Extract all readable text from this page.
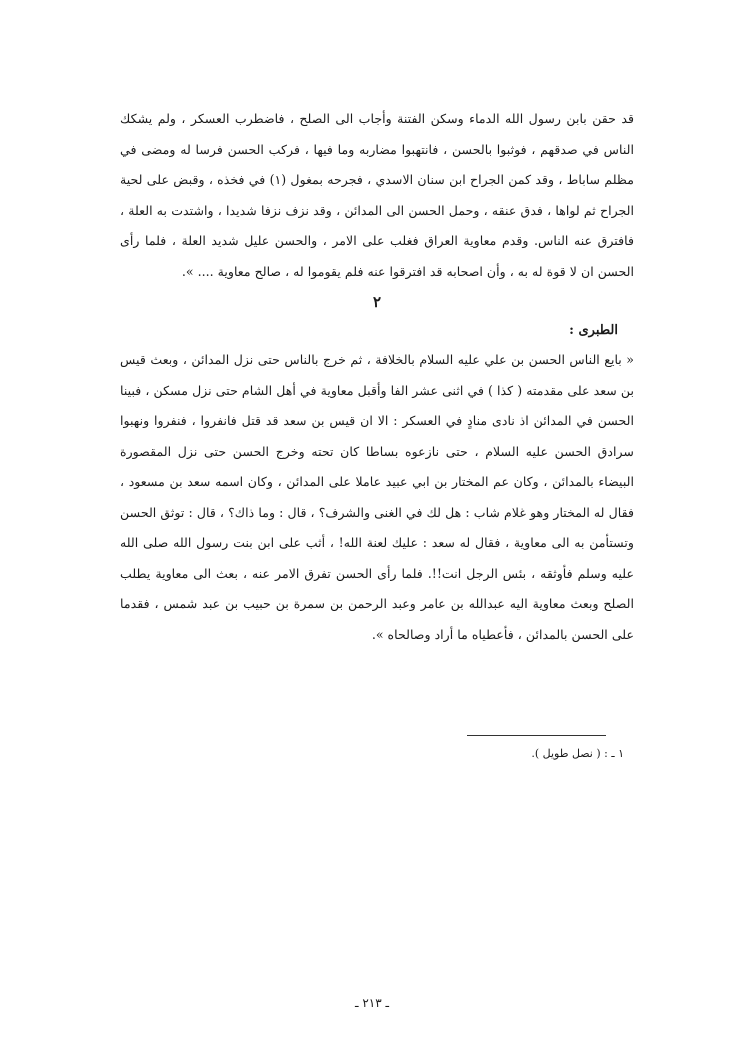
قد حقن بابن رسول الله الدماء وسكن الفتنة وأجاب الى الصلح ، فاضطرب العسكر ، ولم يشكك الناس في صدقهم ، فوثبوا بالحسن ، فانتهبوا مضاربه وما فيها ، فركب الحسن فرسا له ومضى في مظلم ساباط ، وقد كمن الجراح ابن سنان الاسدي ، فجرحه بمغول (١) في فخذه ، وقبض على لحية الجراح ثم لواها ، فدق عنقه ، وحمل الحسن الى المدائن ، وقد نزف نزفا شديدا ، واشتدت به العلة ، فافترق عنه الناس. وقدم معاوية العراق فغلب على الامر ، والحسن عليل شديد العلة ، فلما رأى الحسن ان لا قوة له به ، وأن اصحابه قد افترقوا عنه فلم يقوموا له ، صالح معاوية .... ».

٢
الطبرى :

« بايع الناس الحسن بن علي عليه السلام بالخلافة ، ثم خرج بالناس حتى نزل المدائن ، وبعث قيس بن سعد على مقدمته ( كذا ) في اثنى عشر الفا وأقبل معاوية في أهل الشام حتى نزل مسكن ، فبينا الحسن في المدائن اذ نادى منادٍ في العسكر : الا ان قيس بن سعد قد قتل فانفروا ، فنفروا ونهبوا سرادق الحسن عليه السلام ، حتى نازعوه بساطا كان تحته وخرج الحسن حتى نزل المقصورة البيضاء بالمدائن ، وكان عم المختار بن ابي عبيد عاملا على المدائن ، وكان اسمه سعد بن مسعود ، فقال له المختار وهو غلام شاب : هل لك في الغنى والشرف؟ ، قال : وما ذاك؟ ، قال : توثق الحسن وتستأمن به الى معاوية ، فقال له سعد : عليك لعنة الله! ، أثب على ابن بنت رسول الله صلى الله عليه وسلم فأوثقه ، بئس الرجل انت!!. فلما رأى الحسن تفرق الامر عنه ، بعث الى معاوية يطلب الصلح وبعث معاوية اليه عبدالله بن عامر وعبد الرحمن بن سمرة بن حبيب بن عبد شمس ، فقدما على الحسن بالمدائن ، فأعطياه ما أراد وصالحاه ».

١ ـ : ( نصل طويل ).
ـ ٢١٣ ـ
